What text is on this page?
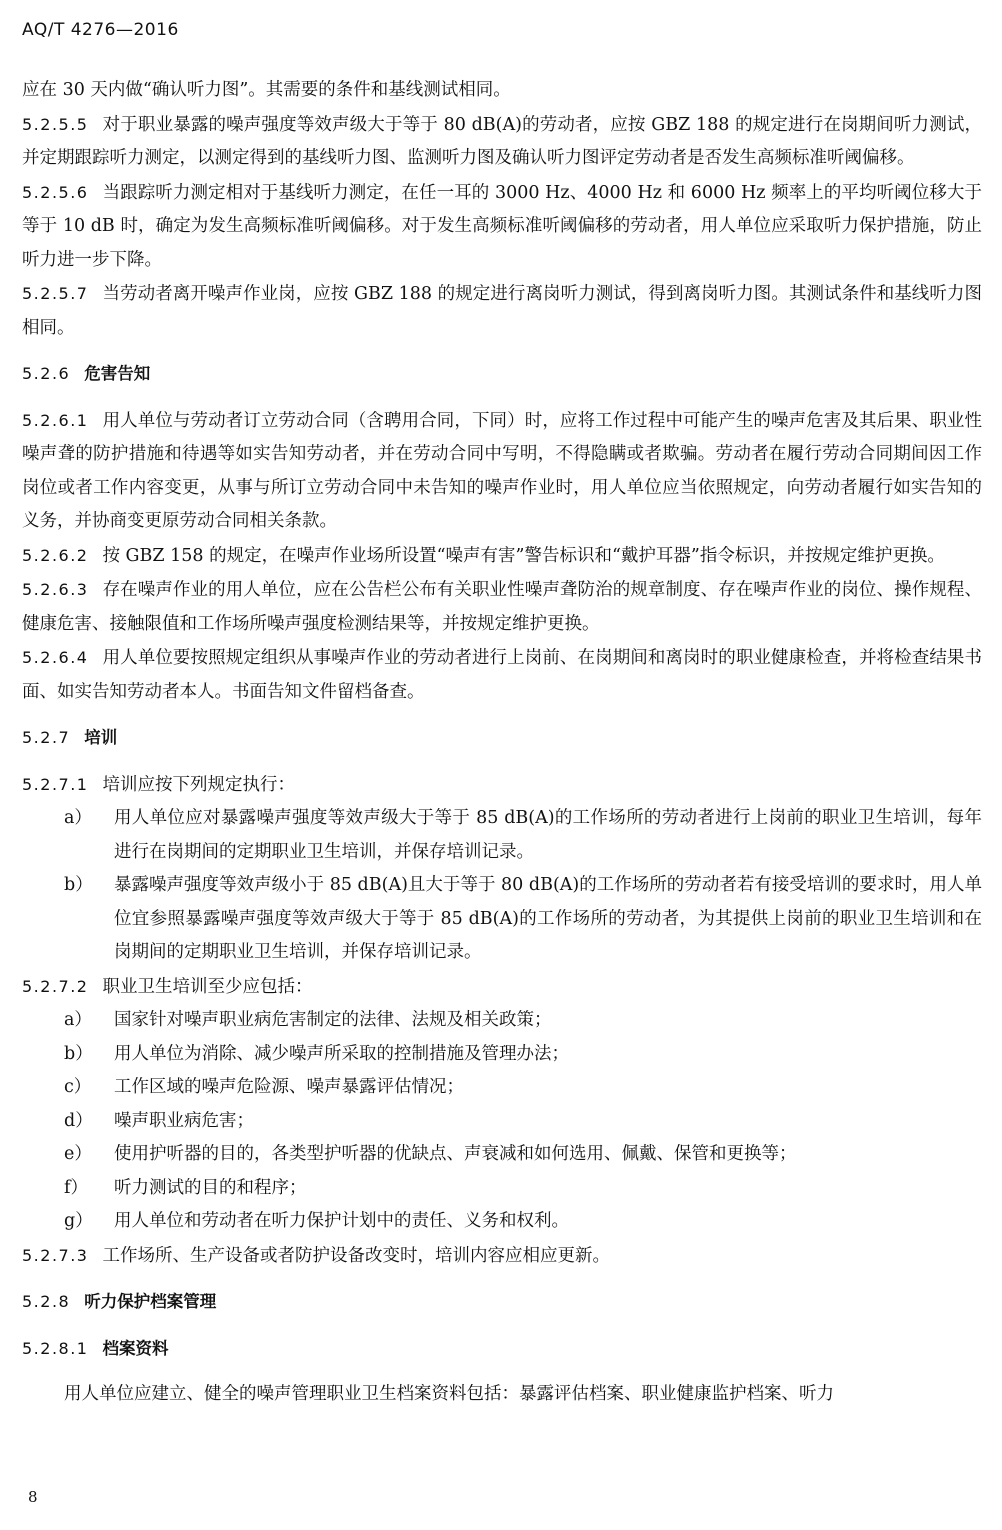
AQ/T 4276—2016

应在 30 天内做“确认听力图”。其需要的条件和基线测试相同。

5.2.5.5 对于职业暴露的噪声强度等效声级大于等于 80 dB(A)的劳动者，应按 GBZ 188 的规定进行在岗期间听力测试，并定期跟踪听力测定，以测定得到的基线听力图、监测听力图及确认听力图评定劳动者是否发生高频标准听阈偏移。

5.2.5.6 当跟踪听力测定相对于基线听力测定，在任一耳的 3000 Hz、4000 Hz 和 6000 Hz 频率上的平均听阈位移大于等于 10 dB 时，确定为发生高频标准听阈偏移。对于发生高频标准听阈偏移的劳动者，用人单位应采取听力保护措施，防止听力进一步下降。

5.2.5.7 当劳动者离开噪声作业岗，应按 GBZ 188 的规定进行离岗听力测试，得到离岗听力图。其测试条件和基线听力图相同。

5.2.6 危害告知

5.2.6.1 用人单位与劳动者订立劳动合同（含聘用合同，下同）时，应将工作过程中可能产生的噪声危害及其后果、职业性噪声聋的防护措施和待遇等如实告知劳动者，并在劳动合同中写明，不得隐瞒或者欺骗。劳动者在履行劳动合同期间因工作岗位或者工作内容变更，从事与所订立劳动合同中未告知的噪声作业时，用人单位应当依照规定，向劳动者履行如实告知的义务，并协商变更原劳动合同相关条款。

5.2.6.2 按 GBZ 158 的规定，在噪声作业场所设置“噪声有害”警告标识和“戴护耳器”指令标识，并按规定维护更换。

5.2.6.3 存在噪声作业的用人单位，应在公告栏公布有关职业性噪声聋防治的规章制度、存在噪声作业的岗位、操作规程、健康危害、接触限值和工作场所噪声强度检测结果等，并按规定维护更换。

5.2.6.4 用人单位要按照规定组织从事噪声作业的劳动者进行上岗前、在岗期间和离岗时的职业健康检查，并将检查结果书面、如实告知劳动者本人。书面告知文件留档备查。

5.2.7 培训

5.2.7.1 培训应按下列规定执行：

a）	用人单位应对暴露噪声强度等效声级大于等于 85 dB(A)的工作场所的劳动者进行上岗前的职业卫生培训，每年进行在岗期间的定期职业卫生培训，并保存培训记录。
b）	暴露噪声强度等效声级小于 85 dB(A)且大于等于 80 dB(A)的工作场所的劳动者若有接受培训的要求时，用人单位宜参照暴露噪声强度等效声级大于等于 85 dB(A)的工作场所的劳动者，为其提供上岗前的职业卫生培训和在岗期间的定期职业卫生培训，并保存培训记录。

5.2.7.2 职业卫生培训至少应包括：

a）	国家针对噪声职业病危害制定的法律、法规及相关政策；
b）	用人单位为消除、减少噪声所采取的控制措施及管理办法；
c）	工作区域的噪声危险源、噪声暴露评估情况；
d）	噪声职业病危害；
e）	使用护听器的目的，各类型护听器的优缺点、声衰减和如何选用、佩戴、保管和更换等；
f）	听力测试的目的和程序；
g）	用人单位和劳动者在听力保护计划中的责任、义务和权利。

5.2.7.3 工作场所、生产设备或者防护设备改变时，培训内容应相应更新。

5.2.8 听力保护档案管理
5.2.8.1 档案资料

用人单位应建立、健全的噪声管理职业卫生档案资料包括：暴露评估档案、职业健康监护档案、听力

8
